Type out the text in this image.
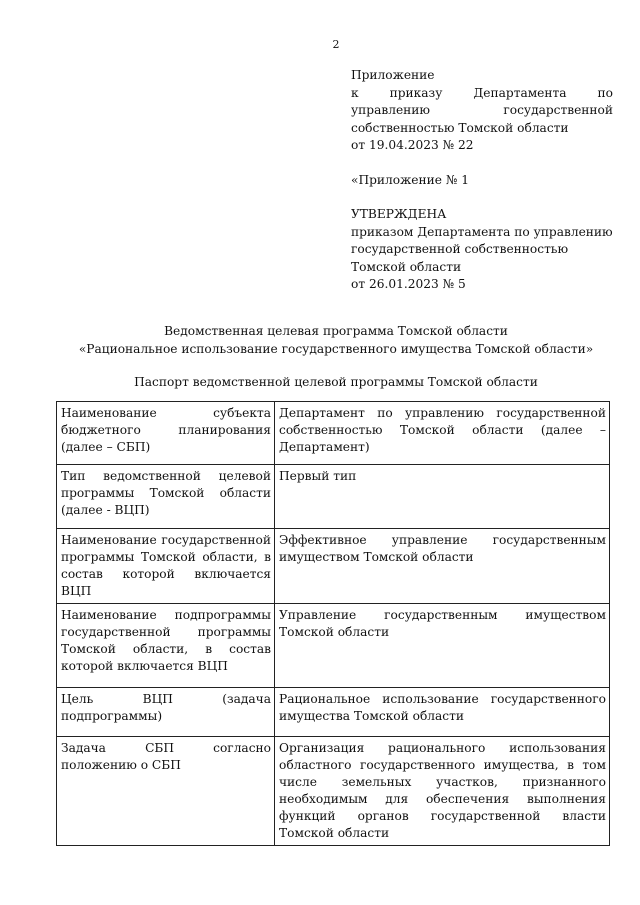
2

Приложение

к приказу Департамента по управлению государственной собственностью Томской области

от 19.04.2023 № 22

«Приложение № 1

УТВЕРЖДЕНА

приказом Департамента по управлению

государственной собственностью

Томской области

от 26.01.2023 № 5

Ведомственная целевая программа Томской области

«Рациональное использование государственного имущества Томской области»

Паспорт ведомственной целевой программы Томской области
Наименование субъекта бюджетного планирования (далее – СБП)	Департамент по управлению государственной собственностью Томской области (далее – Департамент)
Тип ведомственной целевой программы Томской области (далее - ВЦП)	Первый тип
Наименование государственной программы Томской области, в состав которой включается ВЦП	Эффективное управление государственным имуществом Томской области
Наименование подпрограммы государственной программы Томской области, в состав которой включается ВЦП	Управление государственным имуществом Томской области
Цель ВЦП (задача подпрограммы)	Рациональное использование государственного имущества Томской области
Задача СБП согласно положению о СБП	Организация рационального использования областного государственного имущества, в том числе земельных участков, признанного необходимым для обеспечения выполнения функций органов государственной власти Томской области
